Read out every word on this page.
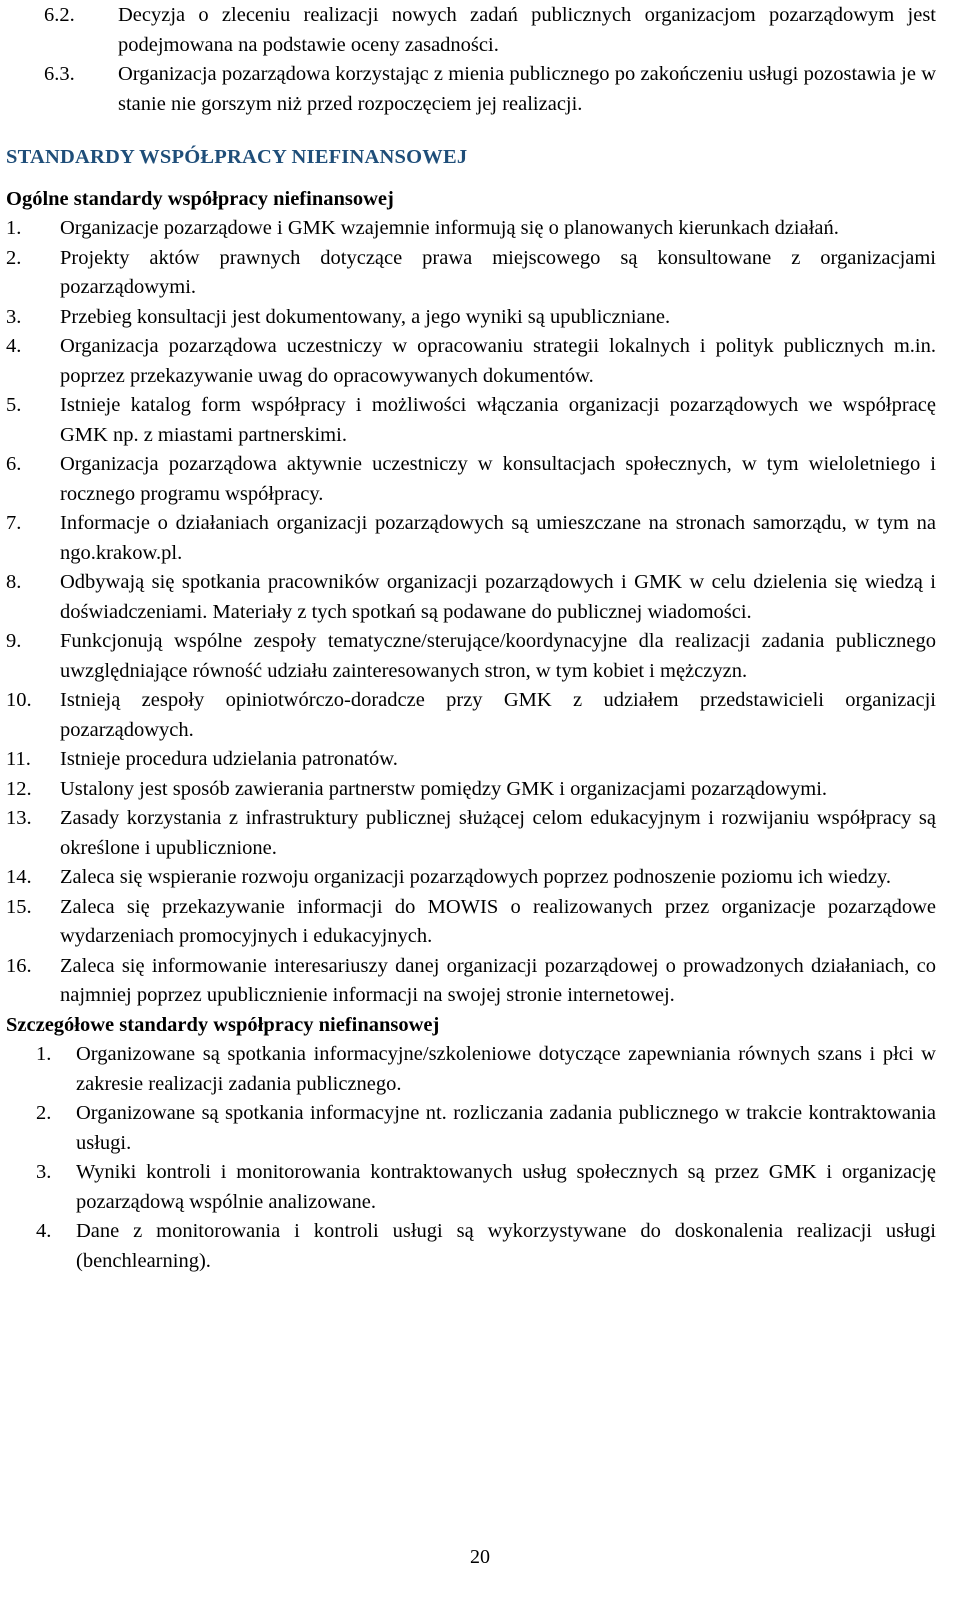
6.2.	Decyzja o zleceniu realizacji nowych zadań publicznych organizacjom pozarządowym jest podejmowana na podstawie oceny zasadności.
6.3.	Organizacja pozarządowa korzystając z mienia publicznego po zakończeniu usługi pozostawia je w stanie nie gorszym niż przed rozpoczęciem jej realizacji.
STANDARDY WSPÓŁPRACY NIEFINANSOWEJ
Ogólne standardy współpracy niefinansowej
1.	Organizacje pozarządowe i GMK wzajemnie informują się o planowanych kierunkach działań.
2.	Projekty aktów prawnych dotyczące prawa miejscowego są konsultowane z organizacjami pozarządowymi.
3.	Przebieg konsultacji jest dokumentowany, a jego wyniki są upubliczniane.
4.	Organizacja pozarządowa uczestniczy w opracowaniu strategii lokalnych i polityk publicznych m.in. poprzez przekazywanie uwag do opracowywanych dokumentów.
5.	Istnieje katalog form współpracy i możliwości włączania organizacji pozarządowych we współpracę GMK np. z miastami partnerskimi.
6.	Organizacja pozarządowa aktywnie uczestniczy w konsultacjach społecznych, w tym wieloletniego i rocznego programu współpracy.
7.	Informacje o działaniach organizacji pozarządowych są umieszczane na stronach samorządu, w tym na ngo.krakow.pl.
8.	Odbywają się spotkania pracowników organizacji pozarządowych i GMK w celu dzielenia się wiedzą i doświadczeniami. Materiały z tych spotkań są podawane do publicznej wiadomości.
9.	Funkcjonują wspólne zespoły tematyczne/sterujące/koordynacyjne dla realizacji zadania publicznego uwzględniające równość udziału zainteresowanych stron, w tym kobiet i mężczyzn.
10.	Istnieją zespoły opiniotwórczo-doradcze przy GMK z udziałem przedstawicieli organizacji pozarządowych.
11.	Istnieje procedura udzielania patronatów.
12.	Ustalony jest sposób zawierania partnerstw pomiędzy GMK i organizacjami pozarządowymi.
13.	Zasady korzystania z infrastruktury publicznej służącej celom edukacyjnym i rozwijaniu współpracy są określone i upublicznione.
14.	Zaleca się wspieranie rozwoju organizacji pozarządowych poprzez podnoszenie poziomu ich wiedzy.
15.	Zaleca się przekazywanie informacji do MOWIS o realizowanych przez organizacje pozarządowe wydarzeniach promocyjnych i edukacyjnych.
16.	Zaleca się informowanie interesariuszy danej organizacji pozarządowej o prowadzonych działaniach, co najmniej poprzez upublicznienie informacji na swojej stronie internetowej.
Szczegółowe standardy współpracy niefinansowej
1.	Organizowane są spotkania informacyjne/szkoleniowe dotyczące zapewniania równych szans i płci w zakresie realizacji zadania publicznego.
2.	Organizowane są spotkania informacyjne nt. rozliczania zadania publicznego w trakcie kontraktowania usługi.
3.	Wyniki kontroli i monitorowania kontraktowanych usług społecznych są przez GMK i organizację pozarządową wspólnie analizowane.
4.	Dane z monitorowania i kontroli usługi są wykorzystywane do doskonalenia realizacji usługi (benchlearning).
20
